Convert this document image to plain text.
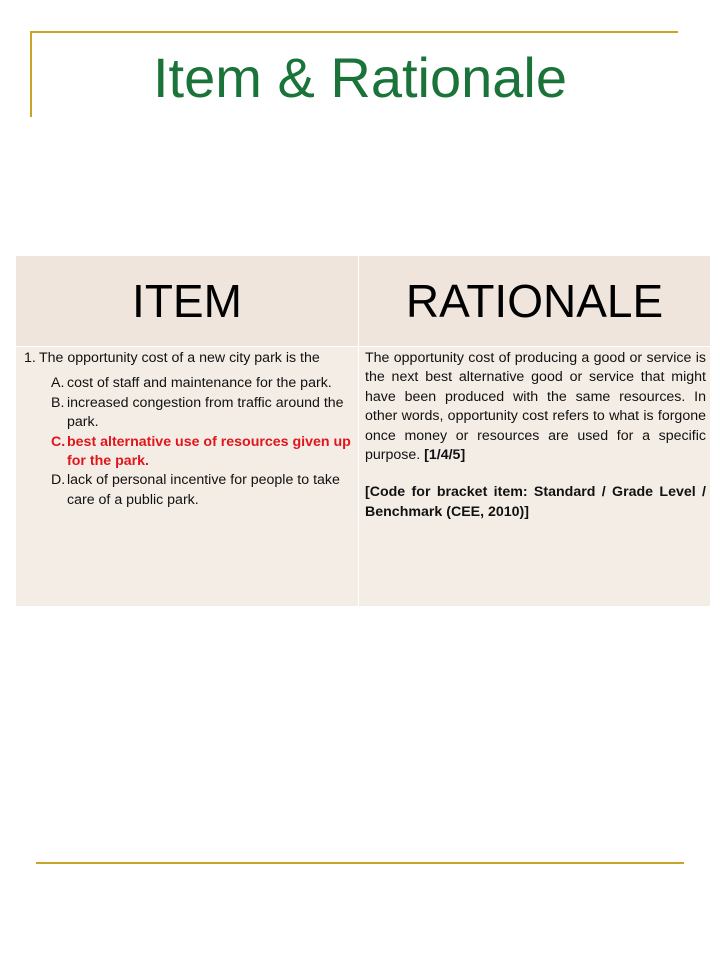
Item & Rationale
ITEM	RATIONALE
1. The opportunity cost of a new city park is the
A. cost of staff and maintenance for the park.
B. increased congestion from traffic around the park.
C. best alternative use of resources given up for the park.
D. lack of personal incentive for people to take care of a public park.

The opportunity cost of producing a good or service is the next best alternative good or service that might have been produced with the same resources. In other words, opportunity cost refers to what is forgone once money or resources are used for a specific purpose. [1/4/5]

[Code for bracket item: Standard / Grade Level / Benchmark (CEE, 2010)]
